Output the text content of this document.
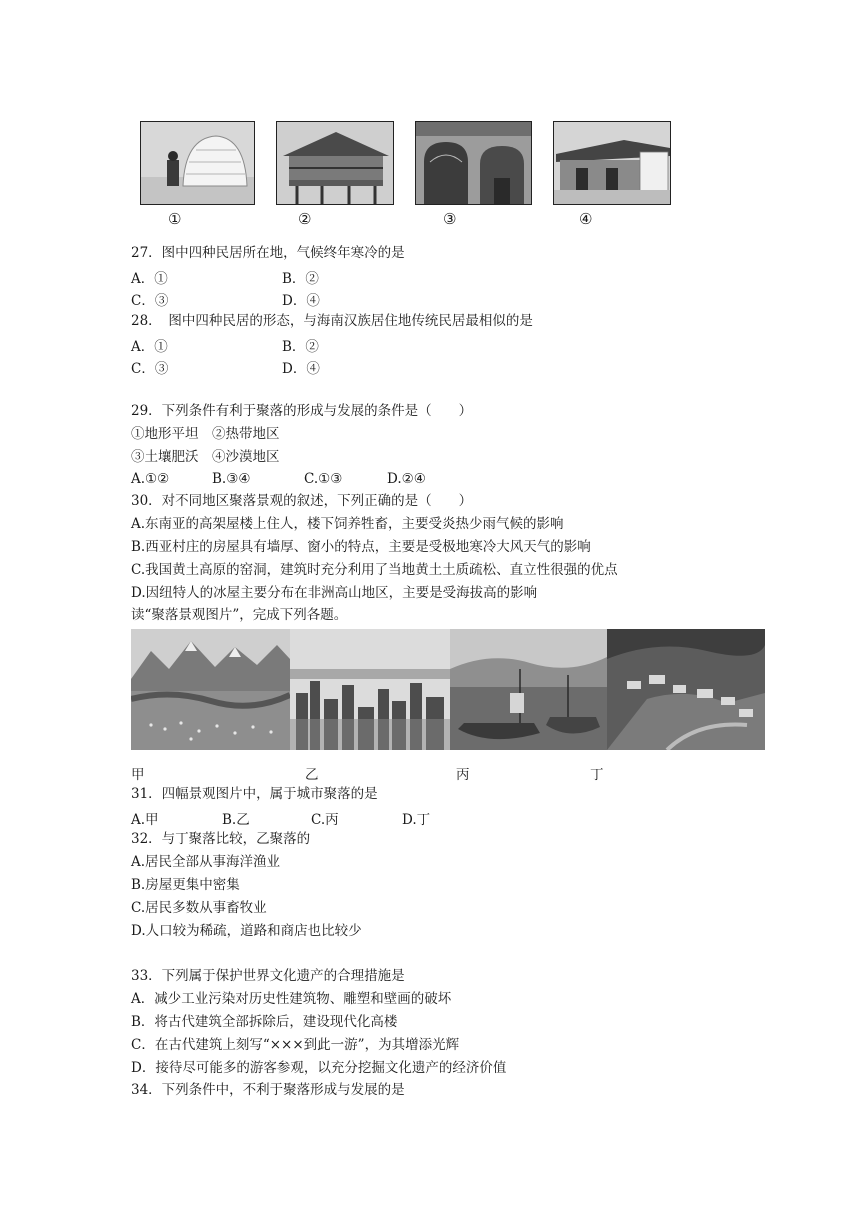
①	②	③	④
27．图中四种民居所在地，气候终年寒冷的是
A．①	B．②
C．③	D．④
28．　图中四种民居的形态，与海南汉族居住地传统民居最相似的是
A．①	B．②
C．③	D．④
29．下列条件有利于聚落的形成与发展的条件是（　　）
①地形平坦　②热带地区
③土壤肥沃　④沙漠地区
A.①②	B.③④	C.①③	D.②④
30．对不同地区聚落景观的叙述，下列正确的是（　　）
A.东南亚的高架屋楼上住人，楼下饲养牲畜，主要受炎热少雨气候的影响
B.西亚村庄的房屋具有墙厚、窗小的特点，主要是受极地寒冷大风天气的影响
C.我国黄土高原的窑洞，建筑时充分利用了当地黄土土质疏松、直立性很强的优点
D.因纽特人的冰屋主要分布在非洲高山地区，主要是受海拔高的影响
读“聚落景观图片”，完成下列各题。
甲	乙	丙	丁
31．四幅景观图片中，属于城市聚落的是
A.甲	B.乙	C.丙	D.丁
32．与丁聚落比较，乙聚落的
A.居民全部从事海洋渔业
B.房屋更集中密集
C.居民多数从事畜牧业
D.人口较为稀疏，道路和商店也比较少
33．下列属于保护世界文化遗产的合理措施是
A．减少工业污染对历史性建筑物、雕塑和壁画的破坏
B．将古代建筑全部拆除后，建设现代化高楼
C．在古代建筑上刻写“×××到此一游”，为其增添光辉
D．接待尽可能多的游客参观，以充分挖掘文化遗产的经济价值
34．下列条件中，不利于聚落形成与发展的是
